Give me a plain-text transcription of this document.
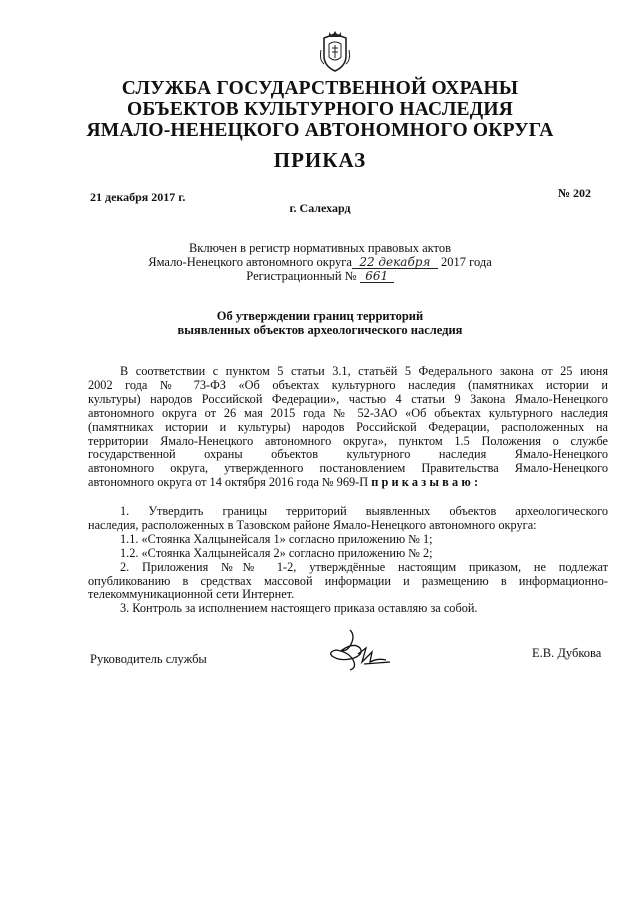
СЛУЖБА ГОСУДАРСТВЕННОЙ ОХРАНЫ
ОБЪЕКТОВ КУЛЬТУРНОГО НАСЛЕДИЯ
ЯМАЛО-НЕНЕЦКОГО АВТОНОМНОГО ОКРУГА
ПРИКАЗ
21 декабря 2017 г.	№ 202
г. Салехард
Включен в регистр нормативных правовых актов
Ямало-Ненецкого автономного округа 22 декабря 2017 года
Регистрационный № 661
Об утверждении границ территорий
выявленных объектов археологического наследия
В соответствии с пунктом 5 статьи 3.1, статьёй 5 Федерального закона от 25 июня
2002 года № 73-ФЗ «Об объектах культурного наследия (памятниках истории и
культуры) народов Российской Федерации», частью 4 статьи 9 Закона Ямало-Ненецкого
автономного округа от 26 мая 2015 года № 52-ЗАО «Об объектах культурного наследия
(памятниках истории и культуры) народов Российской Федерации, расположенных на
территории Ямало-Ненецкого автономного округа», пунктом 1.5 Положения о службе
государственной охраны объектов культурного наследия Ямало-Ненецкого
автономного округа, утвержденного постановлением Правительства Ямало-Ненецкого
автономного округа от 14 октября 2016 года № 969-П приказываю:
1. Утвердить границы территорий выявленных объектов археологического
наследия, расположенных в Тазовском районе Ямало-Ненецкого автономного округа:
1.1. «Стоянка Халцынейсаля 1» согласно приложению № 1;
1.2. «Стоянка Халцынейсаля 2» согласно приложению № 2;
2. Приложения №№ 1-2, утверждённые настоящим приказом, не подлежат
опубликованию в средствах массовой информации и размещению в информационно-
телекоммуникационной сети Интернет.
3. Контроль за исполнением настоящего приказа оставляю за собой.
Руководитель службы	Е.В. Дубкова
